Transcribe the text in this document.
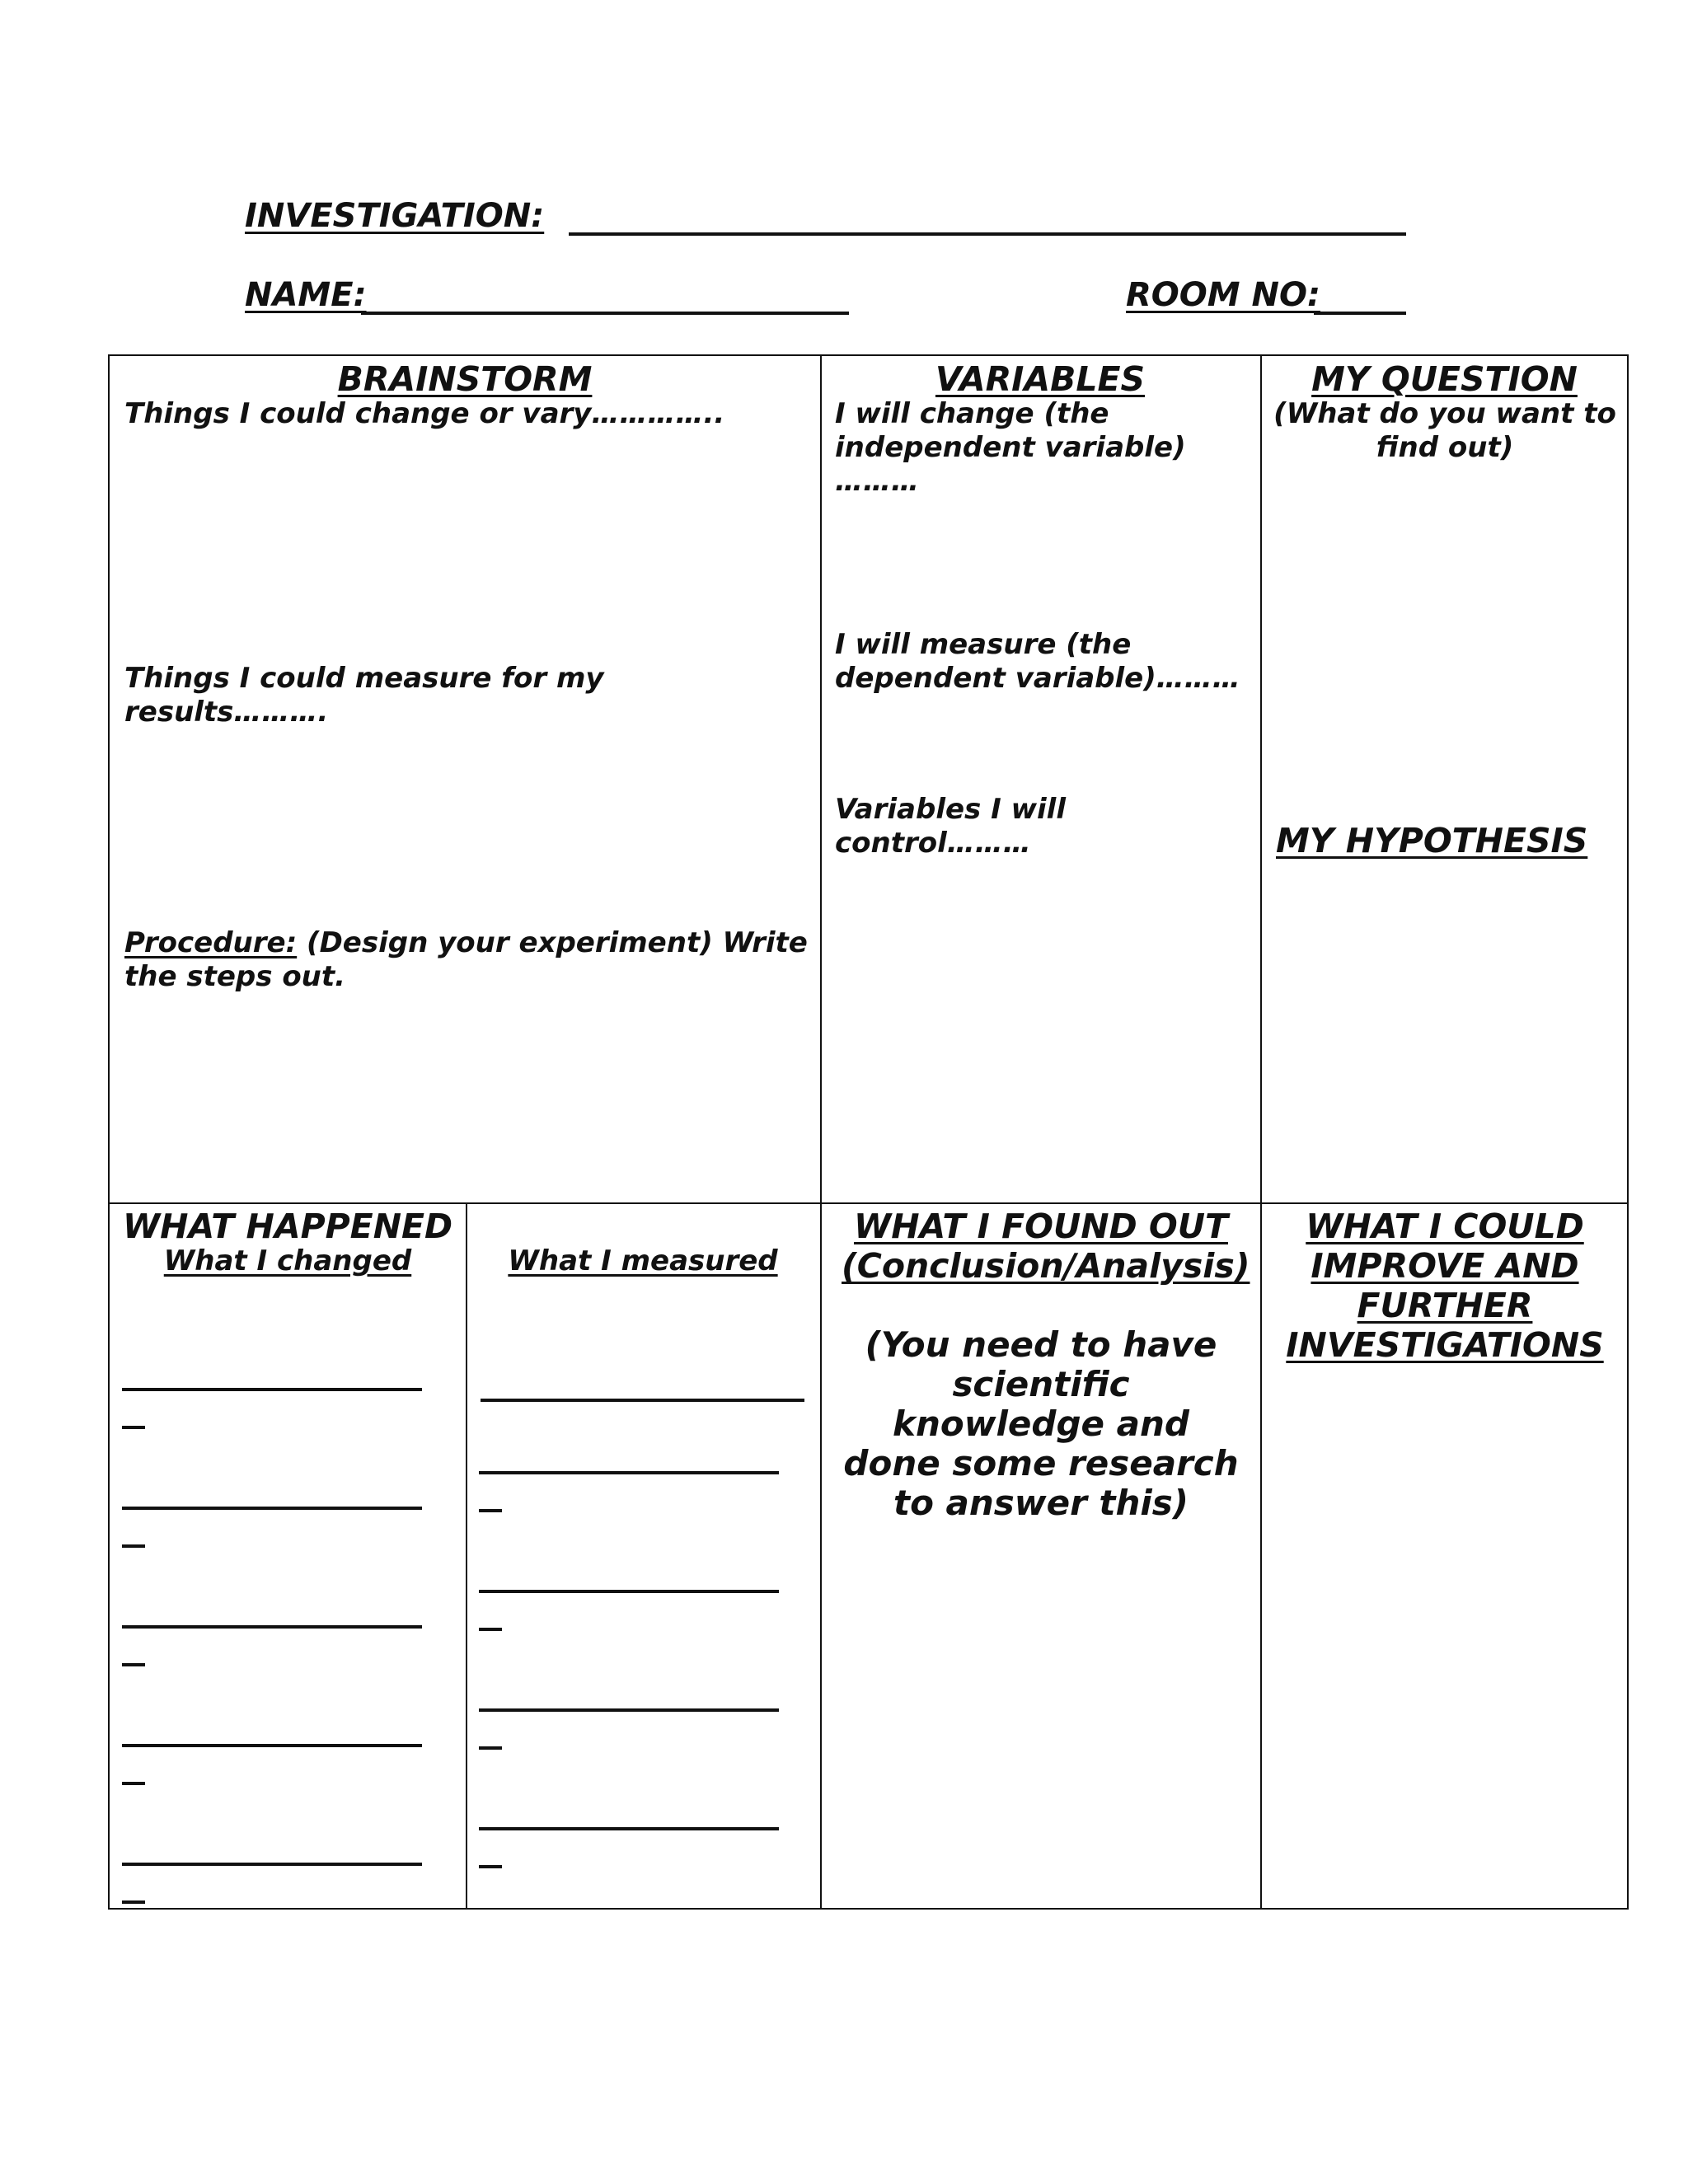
INVESTIGATION:
NAME:	ROOM NO:
BRAINSTORM
Things I could change or vary…………..
Things I could measure for my results……….
Procedure: (Design your experiment) Write the steps out.
VARIABLES
I will change (the independent variable) ………
I will measure (the dependent variable)………
Variables I will control………
MY QUESTION
(What do you want to find out)
MY HYPOTHESIS
WHAT HAPPENED
What I changed	What I measured
WHAT I FOUND OUT (Conclusion/Analysis)
(You need to have scientific knowledge and done some research to answer this)
WHAT I COULD IMPROVE AND FURTHER INVESTIGATIONS
